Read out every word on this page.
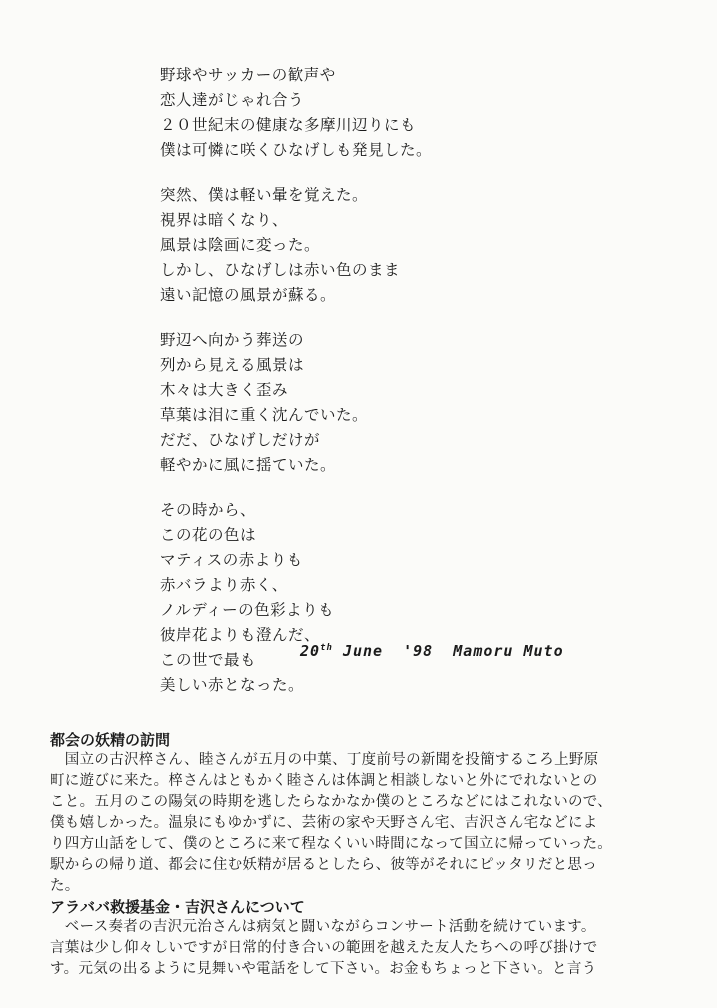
野球やサッカーの歓声や
恋人達がじゃれ合う
２０世紀末の健康な多摩川辺りにも
僕は可憐に咲くひなげしも発見した。
突然、僕は軽い暈を覚えた。
視界は暗くなり、
風景は陰画に変った。
しかし、ひなげしは赤い色のまま
遠い記憶の風景が蘇る。
野辺へ向かう葬送の
列から見える風景は
木々は大きく歪み
草葉は泪に重く沈んでいた。
だだ、ひなげしだけが
軽やかに風に揺ていた。
その時から、
この花の色は
マティスの赤よりも
赤バラより赤く、
ノルディーの色彩よりも
彼岸花よりも澄んだ、
この世で最も
美しい赤となった。
20th June  '98  Mamoru Muto
都会の妖精の訪問

　国立の古沢椊さん、睦さんが五月の中葉、丁度前号の新聞を投簡するころ上野原
町に遊びに来た。椊さんはともかく睦さんは体調と相談しないと外にでれないとの
こと。五月のこの陽気の時期を逃したらなかなか僕のところなどにはこれないので、
僕も嬉しかった。温泉にもゆかずに、芸術の家や天野さん宅、吉沢さん宅などによ
り四方山話をして、僕のところに来て程なくいい時間になって国立に帰っていった。
駅からの帰り道、都会に住む妖精が居るとしたら、彼等がそれにピッタリだと思っ
た。

アラババ救援基金・吉沢さんについて

　ベース奏者の吉沢元治さんは病気と闘いながらコンサート活動を続けています。
言葉は少し仰々しいですが日常的付き合いの範囲を越えた友人たちへの呼び掛けで
す。元気の出るように見舞いや電話をして下さい。お金もちょっと下さい。と言う
